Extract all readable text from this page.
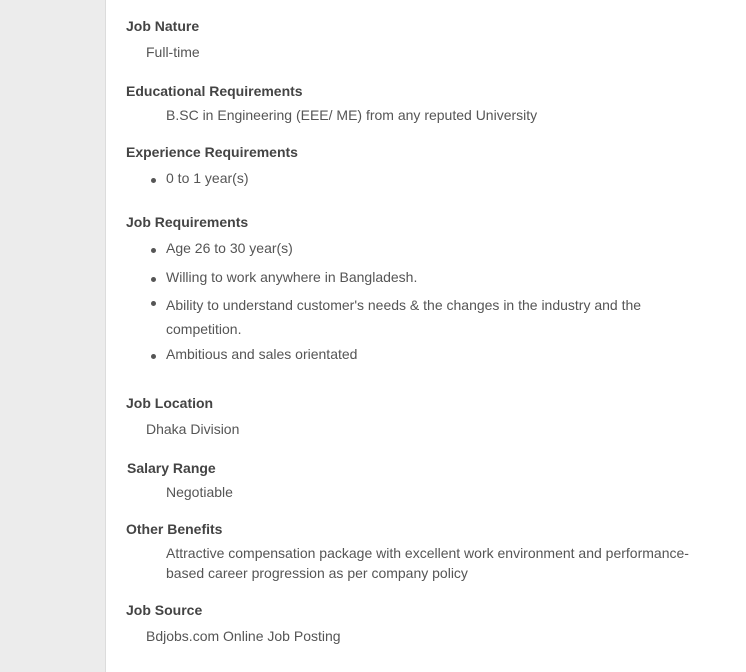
Job Nature
Full-time
Educational Requirements
B.SC in Engineering (EEE/ ME) from any reputed University
Experience Requirements
0 to 1 year(s)
Job Requirements
Age 26 to 30 year(s)
Willing to work anywhere in Bangladesh.
Ability to understand customer's needs & the changes in the industry and the competition.
Ambitious and sales orientated
Job Location
Dhaka Division
Salary Range
Negotiable
Other Benefits
Attractive compensation package with excellent work environment and performance-based career progression as per company policy
Job Source
Bdjobs.com Online Job Posting
